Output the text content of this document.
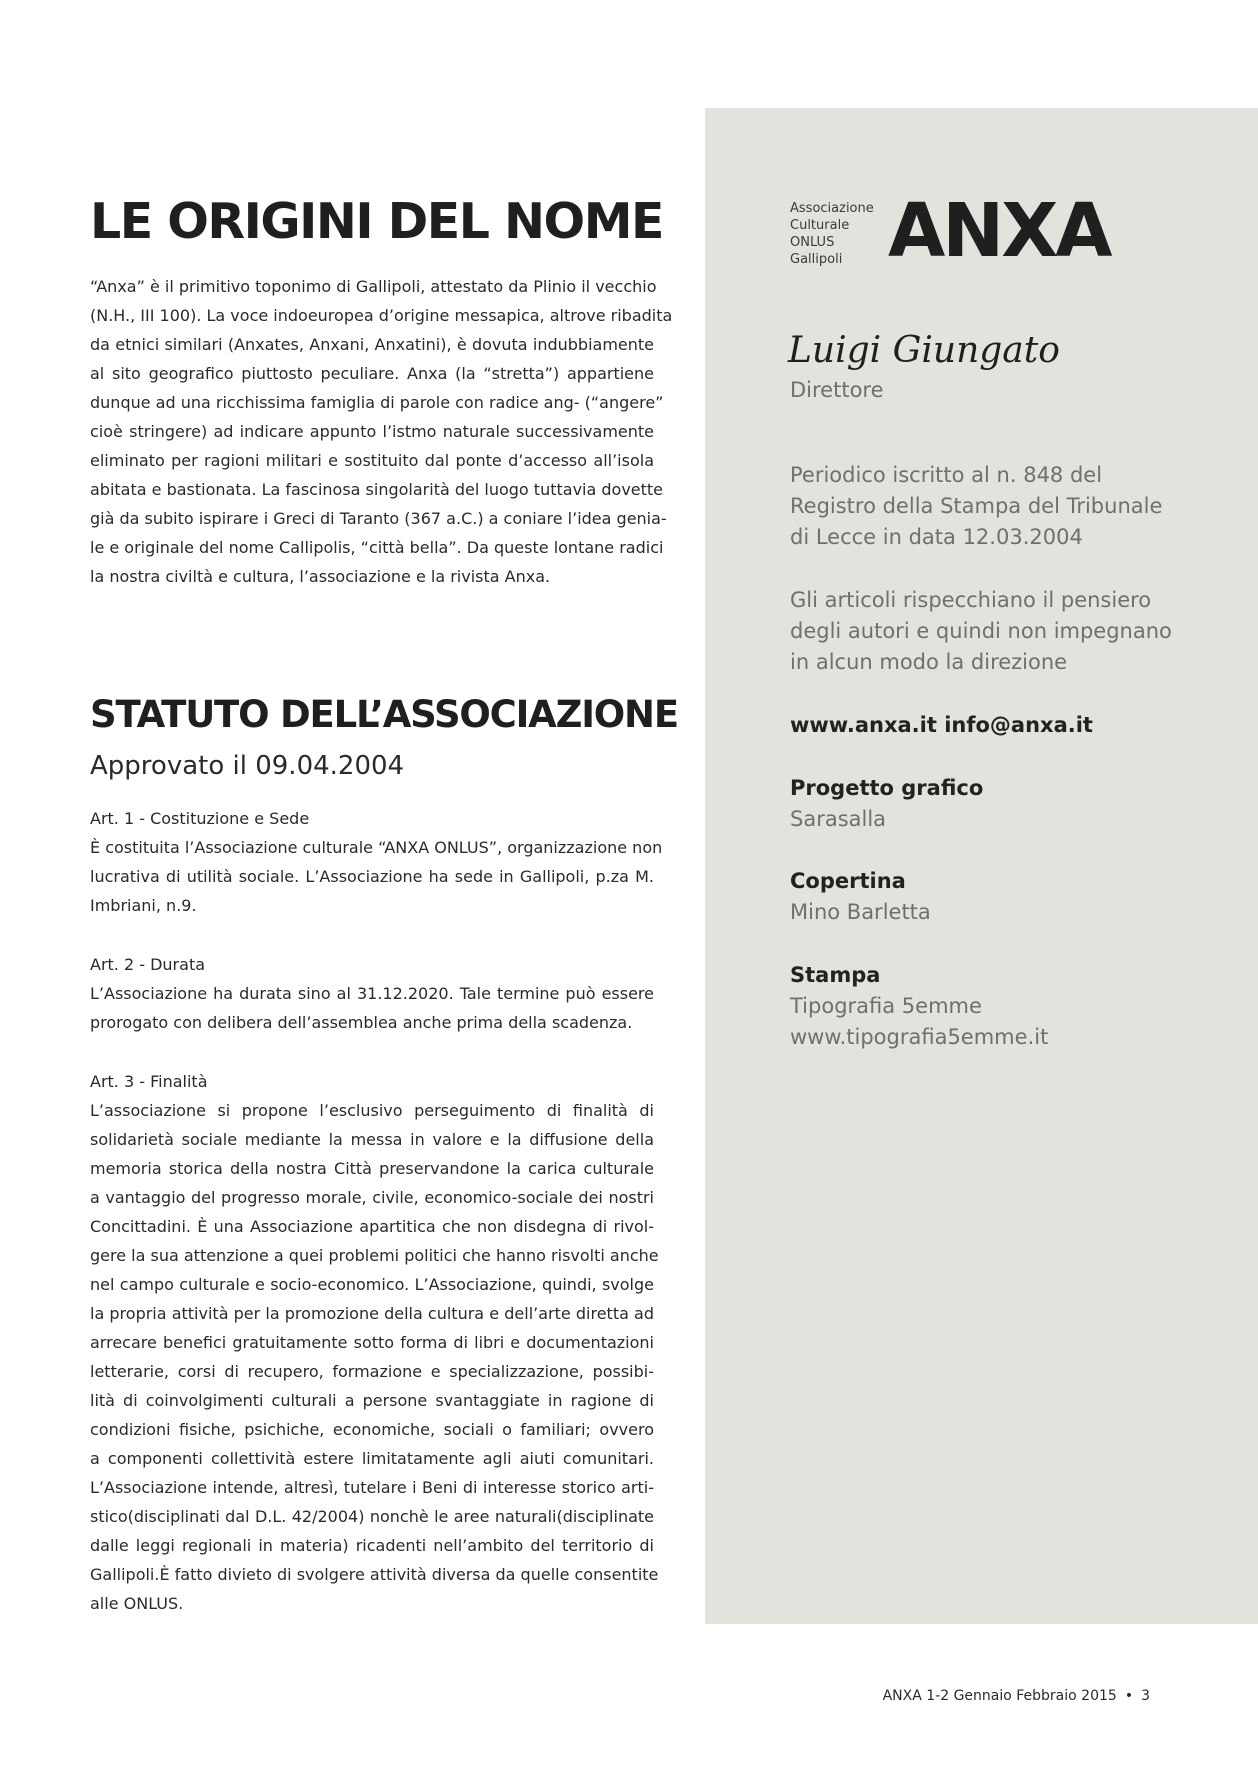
Associazione
Culturale
ONLUS
Gallipoli ANXA
Luigi Giungato
Direttore
Periodico iscritto al n. 848 del
Registro della Stampa del Tribunale
di Lecce in data 12.03.2004
Gli articoli rispecchiano il pensiero
degli autori e quindi non impegnano
in alcun modo la direzione
www.anxa.it info@anxa.it
Progetto grafico
Sarasalla
Copertina
Mino Barletta
Stampa
Tipografia 5emme
www.tipografia5emme.it
LE ORIGINI DEL NOME
“Anxa” è il primitivo toponimo di Gallipoli, attestato da Plinio il vecchio
(N.H., III 100). La voce indoeuropea d’origine messapica, altrove ribadita
da etnici similari (Anxates, Anxani, Anxatini), è dovuta indubbiamente
al sito geografico piuttosto peculiare. Anxa (la “stretta”) appartiene
dunque ad una ricchissima famiglia di parole con radice ang- (“angere”
cioè stringere) ad indicare appunto l’istmo naturale successivamente
eliminato per ragioni militari e sostituito dal ponte d’accesso all’isola
abitata e bastionata. La fascinosa singolarità del luogo tuttavia dovette
già da subito ispirare i Greci di Taranto (367 a.C.) a coniare l’idea genia-
le e originale del nome Callipolis, “città bella”. Da queste lontane radici
la nostra civiltà e cultura, l’associazione e la rivista Anxa.
STATUTO DELL’ASSOCIAZIONE
Approvato il 09.04.2004
Art. 1 - Costituzione e Sede
È costituita l’Associazione culturale “ANXA ONLUS”, organizzazione non
lucrativa di utilità sociale. L’Associazione ha sede in Gallipoli, p.za M.
Imbriani, n.9.
Art. 2 - Durata
L’Associazione ha durata sino al 31.12.2020. Tale termine può essere
prorogato con delibera dell’assemblea anche prima della scadenza.
Art. 3 - Finalità
L’associazione si propone l’esclusivo perseguimento di finalità di
solidarietà sociale mediante la messa in valore e la diffusione della
memoria storica della nostra Città preservandone la carica culturale
a vantaggio del progresso morale, civile, economico-sociale dei nostri
Concittadini. È una Associazione apartitica che non disdegna di rivol-
gere la sua attenzione a quei problemi politici che hanno risvolti anche
nel campo culturale e socio-economico. L’Associazione, quindi, svolge
la propria attività per la promozione della cultura e dell’arte diretta ad
arrecare benefici gratuitamente sotto forma di libri e documentazioni
letterarie, corsi di recupero, formazione e specializzazione, possibi-
lità di coinvolgimenti culturali a persone svantaggiate in ragione di
condizioni fisiche, psichiche, economiche, sociali o familiari; ovvero
a componenti collettività estere limitatamente agli aiuti comunitari.
L’Associazione intende, altresì, tutelare i Beni di interesse storico arti-
stico(disciplinati dal D.L. 42/2004) nonchè le aree naturali(disciplinate
dalle leggi regionali in materia) ricadenti nell’ambito del territorio di
Gallipoli.È fatto divieto di svolgere attività diversa da quelle consentite
alle ONLUS.
ANXA 1-2 Gennaio Febbraio 2015 • 3
